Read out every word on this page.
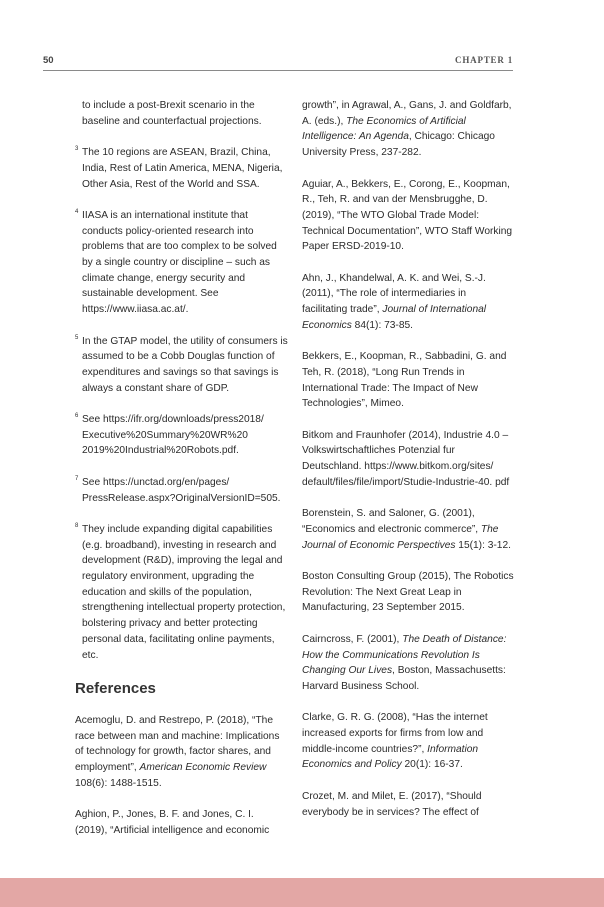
50	CHAPTER 1
to include a post-Brexit scenario in the baseline and counterfactual projections.
3 The 10 regions are ASEAN, Brazil, China, India, Rest of Latin America, MENA, Nigeria, Other Asia, Rest of the World and SSA.
4 IIASA is an international institute that conducts policy-oriented research into problems that are too complex to be solved by a single country or discipline – such as climate change, energy security and sustainable development. See https://www.iiasa.ac.at/.
5 In the GTAP model, the utility of consumers is assumed to be a Cobb Douglas function of expenditures and savings so that savings is always a constant share of GDP.
6 See https://ifr.org/downloads/press2018/ Executive%20Summary%20WR%20 2019%20Industrial%20Robots.pdf.
7 See https://unctad.org/en/pages/ PressRelease.aspx?OriginalVersionID=505.
8 They include expanding digital capabilities (e.g. broadband), investing in research and development (R&D), improving the legal and regulatory environment, upgrading the education and skills of the population, strengthening intellectual property protection, bolstering privacy and better protecting personal data, facilitating online payments, etc.
References
Acemoglu, D. and Restrepo, P. (2018), “The race between man and machine: Implications of technology for growth, factor shares, and employment”, American Economic Review 108(6): 1488-1515.
Aghion, P., Jones, B. F. and Jones, C. I. (2019), “Artificial intelligence and economic
growth”, in Agrawal, A., Gans, J. and Goldfarb, A. (eds.), The Economics of Artificial Intelligence: An Agenda, Chicago: Chicago University Press, 237-282.
Aguiar, A., Bekkers, E., Corong, E., Koopman, R., Teh, R. and van der Mensbrugghe, D. (2019), “The WTO Global Trade Model: Technical Documentation”, WTO Staff Working Paper ERSD-2019-10.
Ahn, J., Khandelwal, A. K. and Wei, S.-J. (2011), “The role of intermediaries in facilitating trade”, Journal of International Economics 84(1): 73-85.
Bekkers, E., Koopman, R., Sabbadini, G. and Teh, R. (2018), “Long Run Trends in International Trade: The Impact of New Technologies”, Mimeo.
Bitkom and Fraunhofer (2014), Industrie 4.0 – Volkswirtschaftliches Potenzial fur Deutschland. https://www.bitkom.org/sites/ default/files/file/import/Studie-Industrie-40. pdf
Borenstein, S. and Saloner, G. (2001), “Economics and electronic commerce”, The Journal of Economic Perspectives 15(1): 3-12.
Boston Consulting Group (2015), The Robotics Revolution: The Next Great Leap in Manufacturing, 23 September 2015.
Cairncross, F. (2001), The Death of Distance: How the Communications Revolution Is Changing Our Lives, Boston, Massachusetts: Harvard Business School.
Clarke, G. R. G. (2008), “Has the internet increased exports for firms from low and middle-income countries?”, Information Economics and Policy 20(1): 16-37.
Crozet, M. and Milet, E. (2017), “Should everybody be in services? The effect of
